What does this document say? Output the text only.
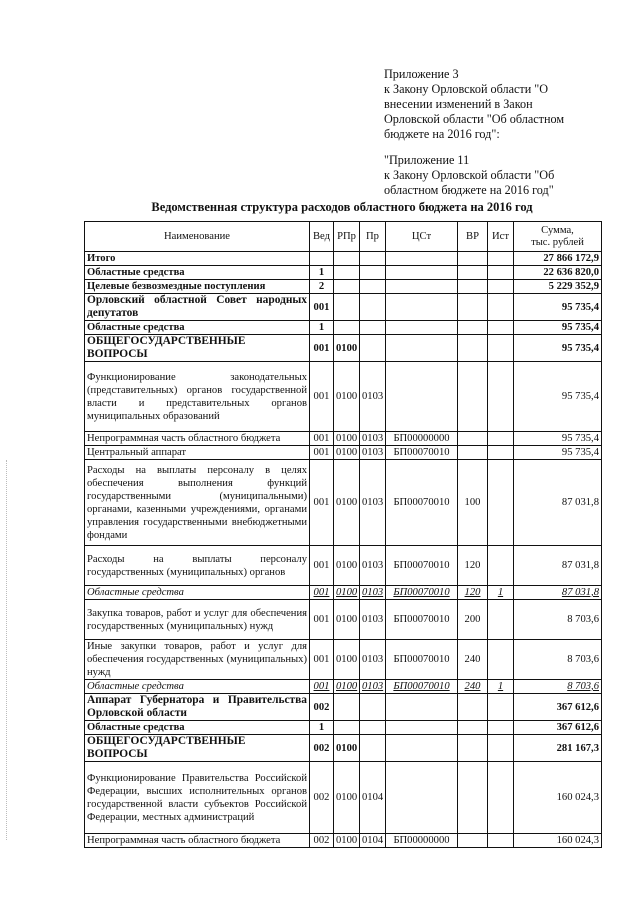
Приложение 3
к Закону Орловской области "О
внесении изменений в Закон
Орловской области "Об областном
бюджете на 2016 год":
"Приложение 11
к Закону Орловской области "Об
областном бюджете на 2016 год"
Ведомственная структура расходов областного бюджета на 2016 год
Наименование	Вед	РПр	Пр	ЦСт	ВР	Ист	Сумма,
тыс. рублей

Итого							27 866 172,9
Областные средства	1						22 636 820,0
Целевые безвозмездные поступления	2						5 229 352,9
Орловский областной Совет народных депутатов	001						95 735,4
Областные средства	1						95 735,4
ОБЩЕГОСУДАРСТВЕННЫЕ ВОПРОСЫ	001	0100					95 735,4
Функционирование законодательных (представительных) органов государственной власти и представительных органов муниципальных образований	001	0100	0103				95 735,4
Непрограммная часть областного бюджета	001	0100	0103	БП00000000			95 735,4
Центральный аппарат	001	0100	0103	БП00070010			95 735,4
Расходы на выплаты персоналу в целях обеспечения выполнения функций государственными (муниципальными) органами, казенными учреждениями, органами управления государственными внебюджетными фондами	001	0100	0103	БП00070010	100		87 031,8
Расходы на выплаты персоналу государственных (муниципальных) органов	001	0100	0103	БП00070010	120		87 031,8
Областные средства	001	0100	0103	БП00070010	120	1	87 031,8
Закупка товаров, работ и услуг для обеспечения государственных (муниципальных) нужд	001	0100	0103	БП00070010	200		8 703,6
Иные закупки товаров, работ и услуг для обеспечения государственных (муниципальных) нужд	001	0100	0103	БП00070010	240		8 703,6
Областные средства	001	0100	0103	БП00070010	240	1	8 703,6
Аппарат Губернатора и Правительства Орловской области	002						367 612,6
Областные средства	1						367 612,6
ОБЩЕГОСУДАРСТВЕННЫЕ ВОПРОСЫ	002	0100					281 167,3
Функционирование Правительства Российской Федерации, высших исполнительных органов государственной власти субъектов Российской Федерации, местных администраций	002	0100	0104				160 024,3
Непрограммная часть областного бюджета	002	0100	0104	БП00000000			160 024,3
